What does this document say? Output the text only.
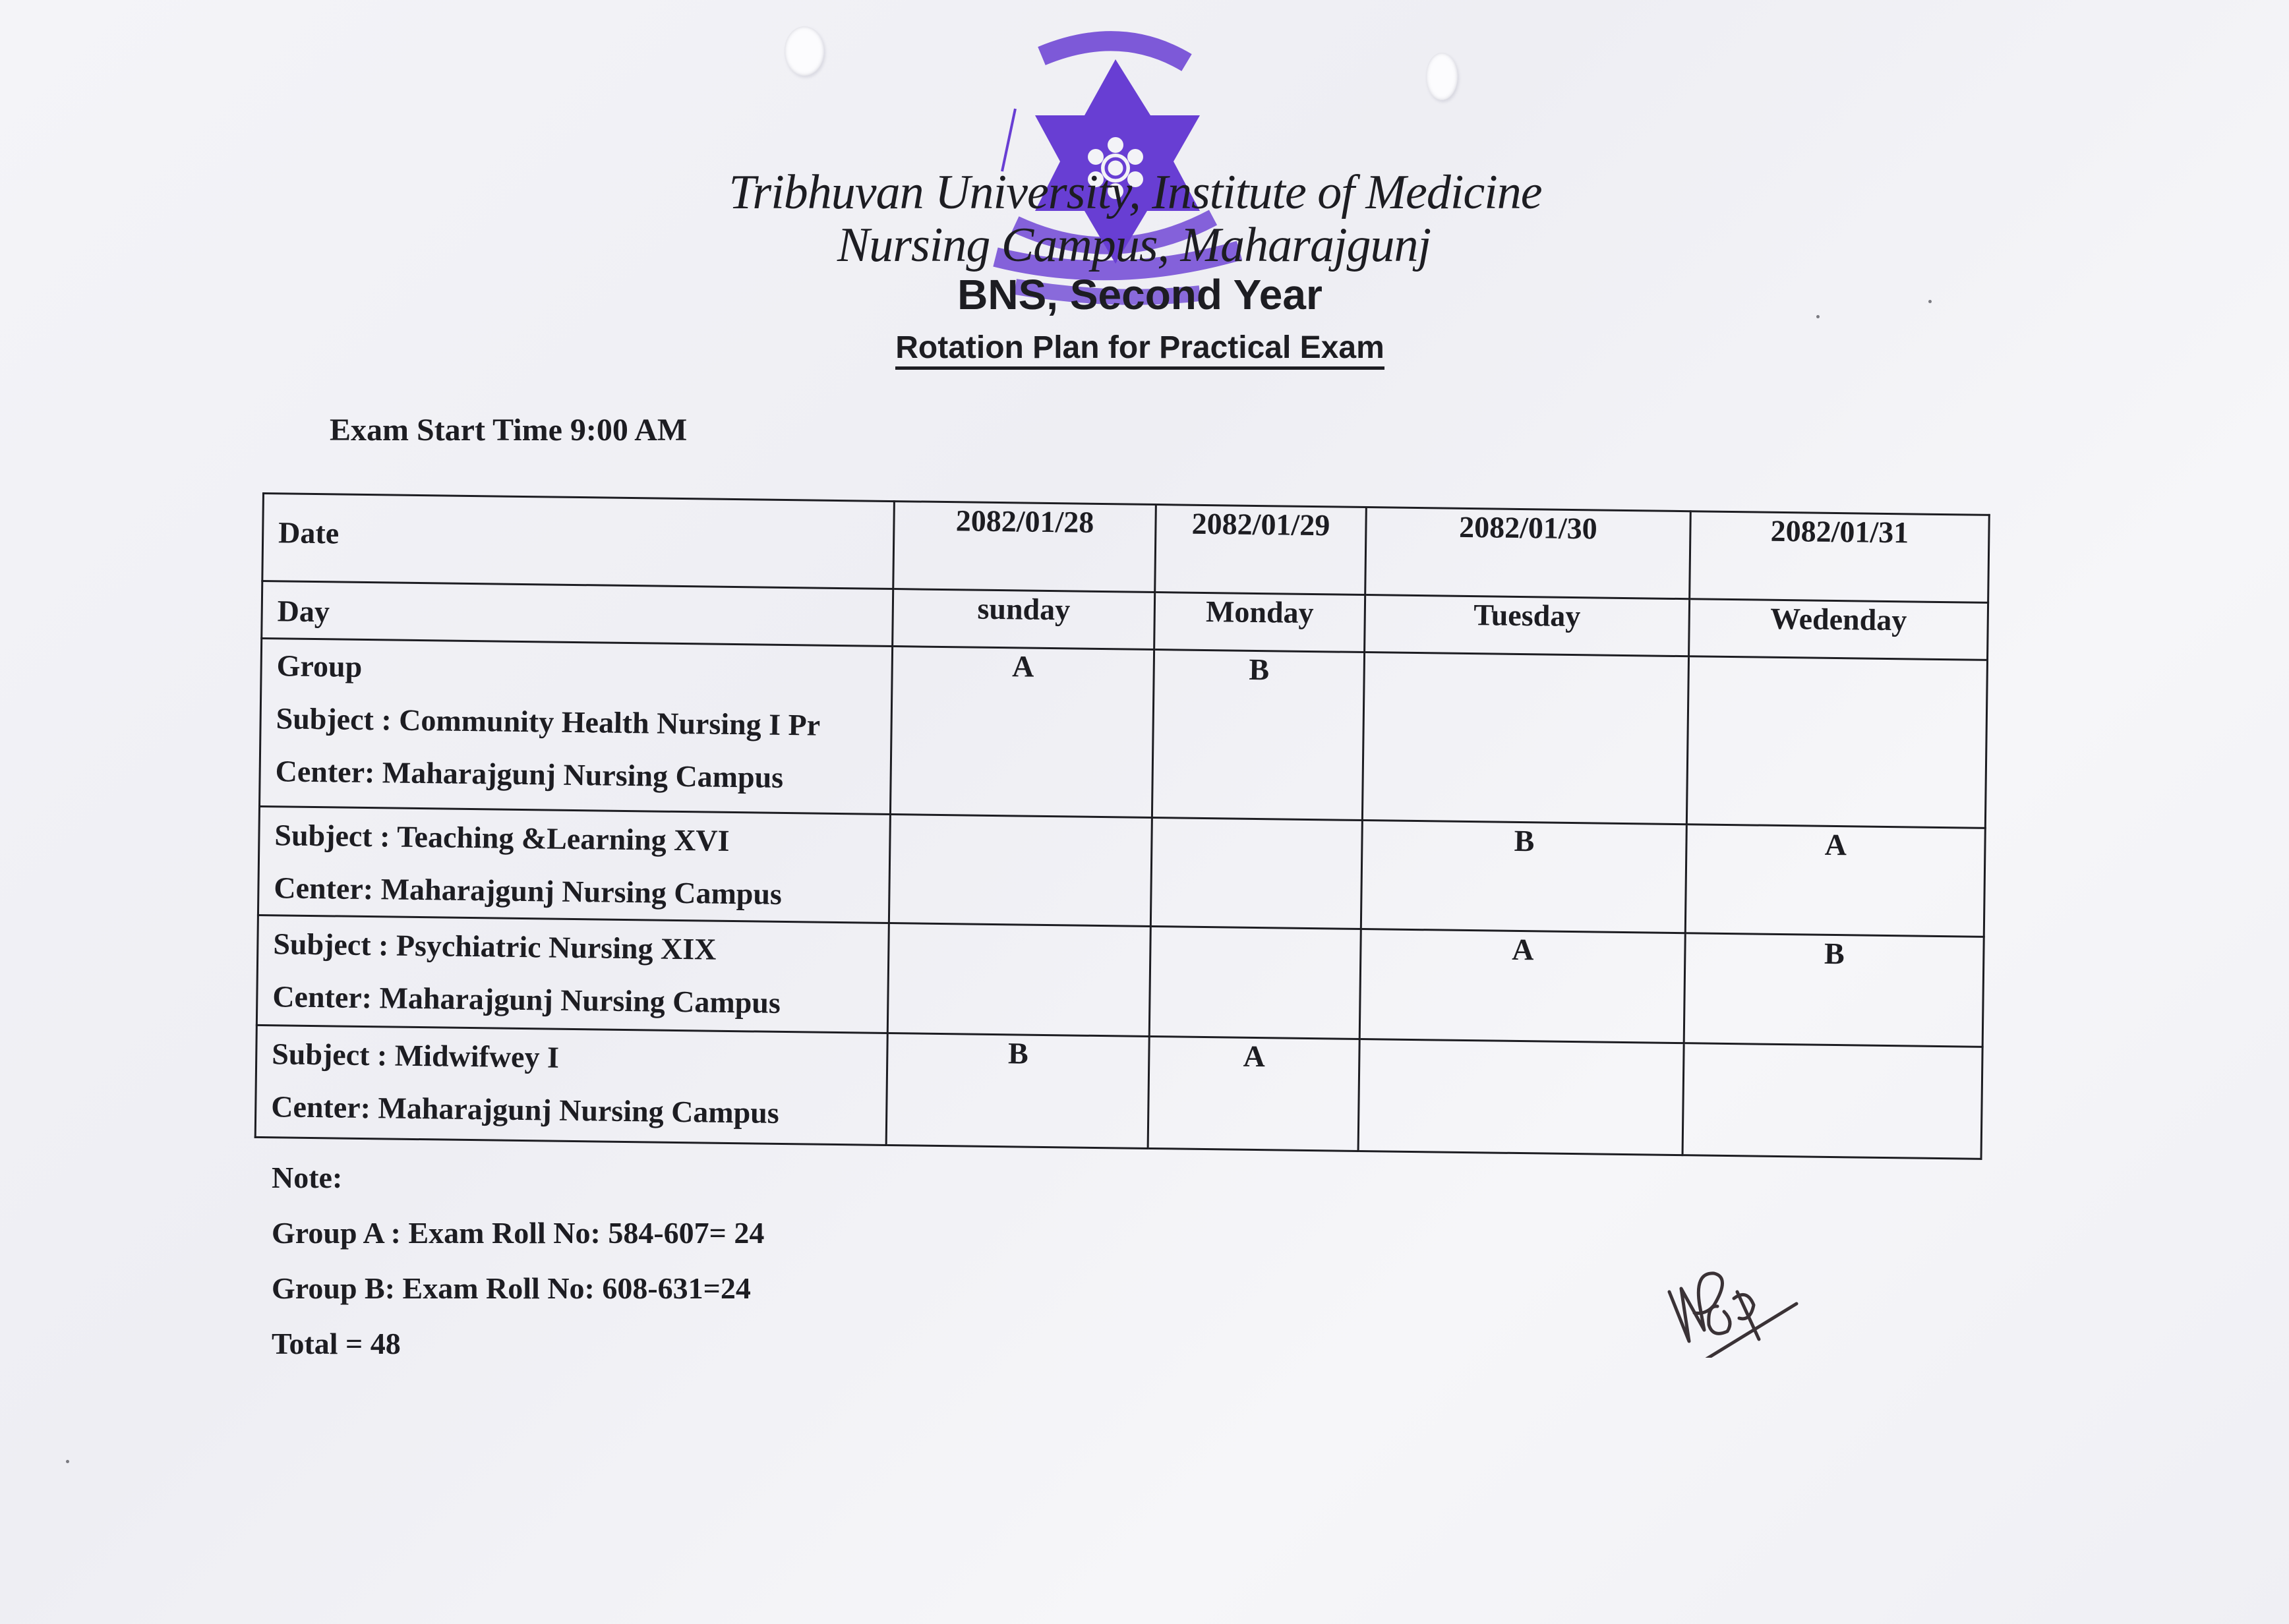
Tribhuvan University, Institute of Medicine
Nursing Campus, Maharajgunj
BNS, Second Year
Rotation Plan for Practical Exam
Exam Start Time 9:00 AM
Date	2082/01/28	2082/01/29	2082/01/30	2082/01/31

Day	sunday	Monday	Tuesday	Wedenday

Group
Subject : Community Health Nursing I Pr
Center: Maharajgunj Nursing Campus	A	B		

Subject : Teaching &Learning XVI
Center: Maharajgunj Nursing Campus			B	A

Subject : Psychiatric Nursing XIX
Center: Maharajgunj Nursing Campus			A	B

Subject : Midwifwey I
Center: Maharajgunj Nursing Campus	B	A		
Note:
Group A : Exam Roll No: 584-607= 24
Group B: Exam Roll No: 608-631=24
Total = 48
